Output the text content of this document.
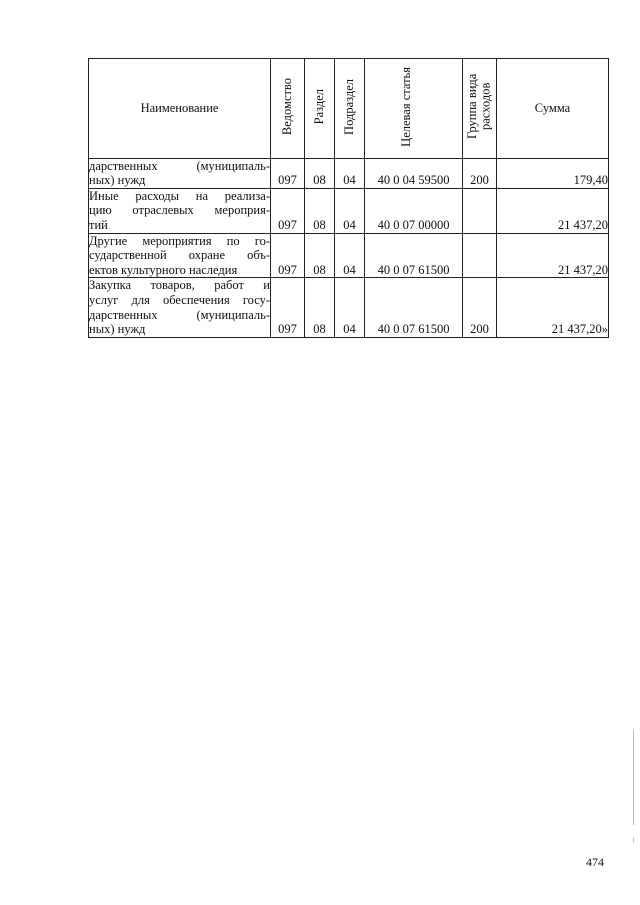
Наименование	Ведомство	Раздел	Подраздел	Целевая статья	Группа вида расходов	Сумма

дарственных (муниципаль-
ных) нужд	097	08	04	40 0 04 59500	200	179,40

Иные расходы на реализа-
цию отраслевых мероприя-
тий	097	08	04	40 0 07 00000		21 437,20

Другие мероприятия по го-
сударственной охране объ-
ектов культурного наследия	097	08	04	40 0 07 61500		21 437,20

Закупка товаров, работ и
услуг для обеспечения госу-
дарственных (муниципаль-
ных) нужд	097	08	04	40 0 07 61500	200	21 437,20»
474
